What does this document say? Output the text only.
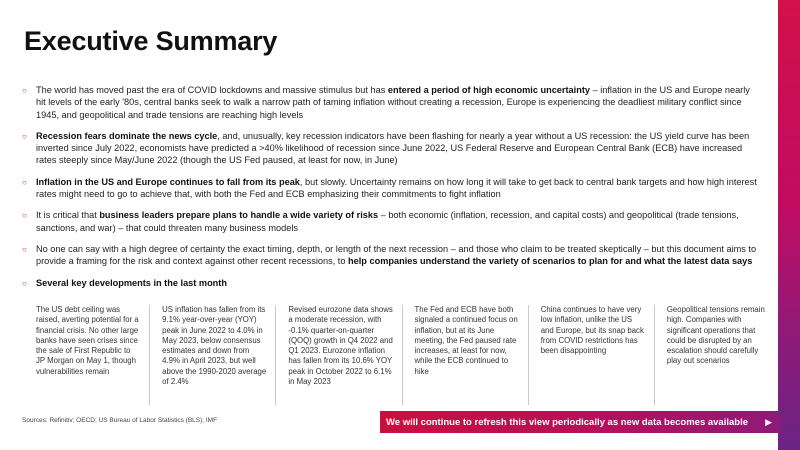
Executive Summary
○ The world has moved past the era of COVID lockdowns and massive stimulus but has entered a period of high economic uncertainty – inflation in the US and Europe nearly hit levels of the early '80s, central banks seek to walk a narrow path of taming inflation without creating a recession, Europe is experiencing the deadliest military conflict since 1945, and geopolitical and trade tensions are reaching high levels
○ Recession fears dominate the news cycle, and, unusually, key recession indicators have been flashing for nearly a year without a US recession: the US yield curve has been inverted since July 2022, economists have predicted a >40% likelihood of recession since June 2022, US Federal Reserve and European Central Bank (ECB) have increased rates steeply since May/June 2022 (though the US Fed paused, at least for now, in June)
○ Inflation in the US and Europe continues to fall from its peak, but slowly. Uncertainty remains on how long it will take to get back to central bank targets and how high interest rates might need to go to achieve that, with both the Fed and ECB emphasizing their commitments to fight inflation
○ It is critical that business leaders prepare plans to handle a wide variety of risks – both economic (inflation, recession, and capital costs) and geopolitical (trade tensions, sanctions, and war) – that could threaten many business models
○ No one can say with a high degree of certainty the exact timing, depth, or length of the next recession – and those who claim to be treated skeptically – but this document aims to provide a framing for the risk and context against other recent recessions, to help companies understand the variety of scenarios to plan for and what the latest data says
○ Several key developments in the last month
The US debt ceiling was raised, averting potential for a financial crisis. No other large banks have seen crises since the sale of First Republic to JP Morgan on May 1, though vulnerabilities remain
US inflation has fallen from its 9.1% year-over-year (YOY) peak in June 2022 to 4.0% in May 2023, below consensus estimates and down from 4.9% in April 2023, but well above the 1990-2020 average of 2.4%
Revised eurozone data shows a moderate recession, with -0.1% quarter-on-quarter (QOQ) growth in Q4 2022 and Q1 2023. Eurozone inflation has fallen from its 10.6% YOY peak in October 2022 to 6.1% in May 2023
The Fed and ECB have both signaled a continued focus on inflation, but at its June meeting, the Fed paused rate increases, at least for now, while the ECB continued to hike
China continues to have very low inflation, unlike the US and Europe, but its snap back from COVID restrictions has been disappointing
Geopolitical tensions remain high. Companies with significant operations that could be disrupted by an escalation should carefully play out scenarios
Sources: Refinitiv; OECD; US Bureau of Labor Statistics (BLS); IMF	We will continue to refresh this view periodically as new data becomes available ▶
